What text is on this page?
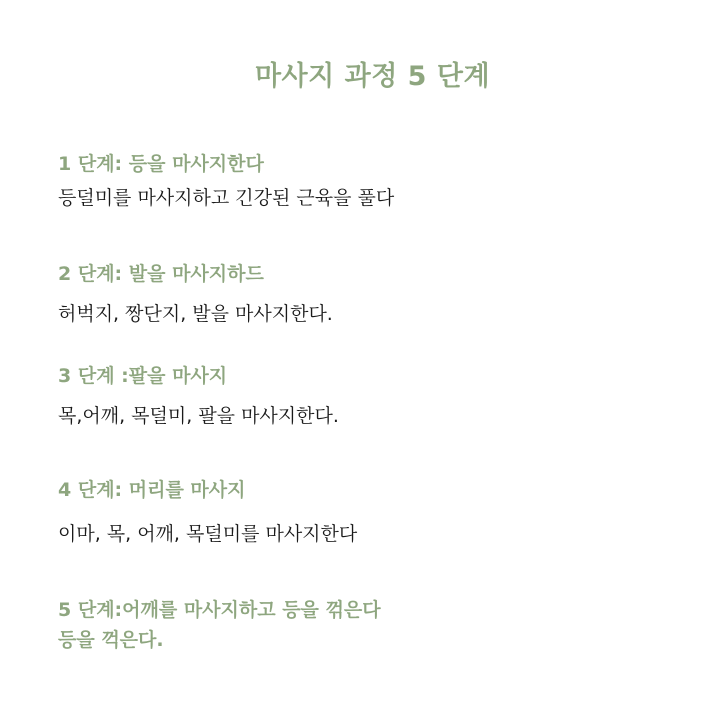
마사지 과정 5 단계
1 단계: 등을 마사지한다
등덜미를 마사지하고 긴강된 근육을 풀다
2 단계: 발을 마사지하드
허벅지, 짱단지, 발을 마사지한다.
3 단계 :팔을 마사지
목,어깨, 목덜미, 팔을 마사지한다.
4 단계: 머리를 마사지
이마, 목, 어깨, 목덜미를 마사지한다
5 단계:어깨를 마사지하고 등을 꺾은다
등을 꺽은다.
